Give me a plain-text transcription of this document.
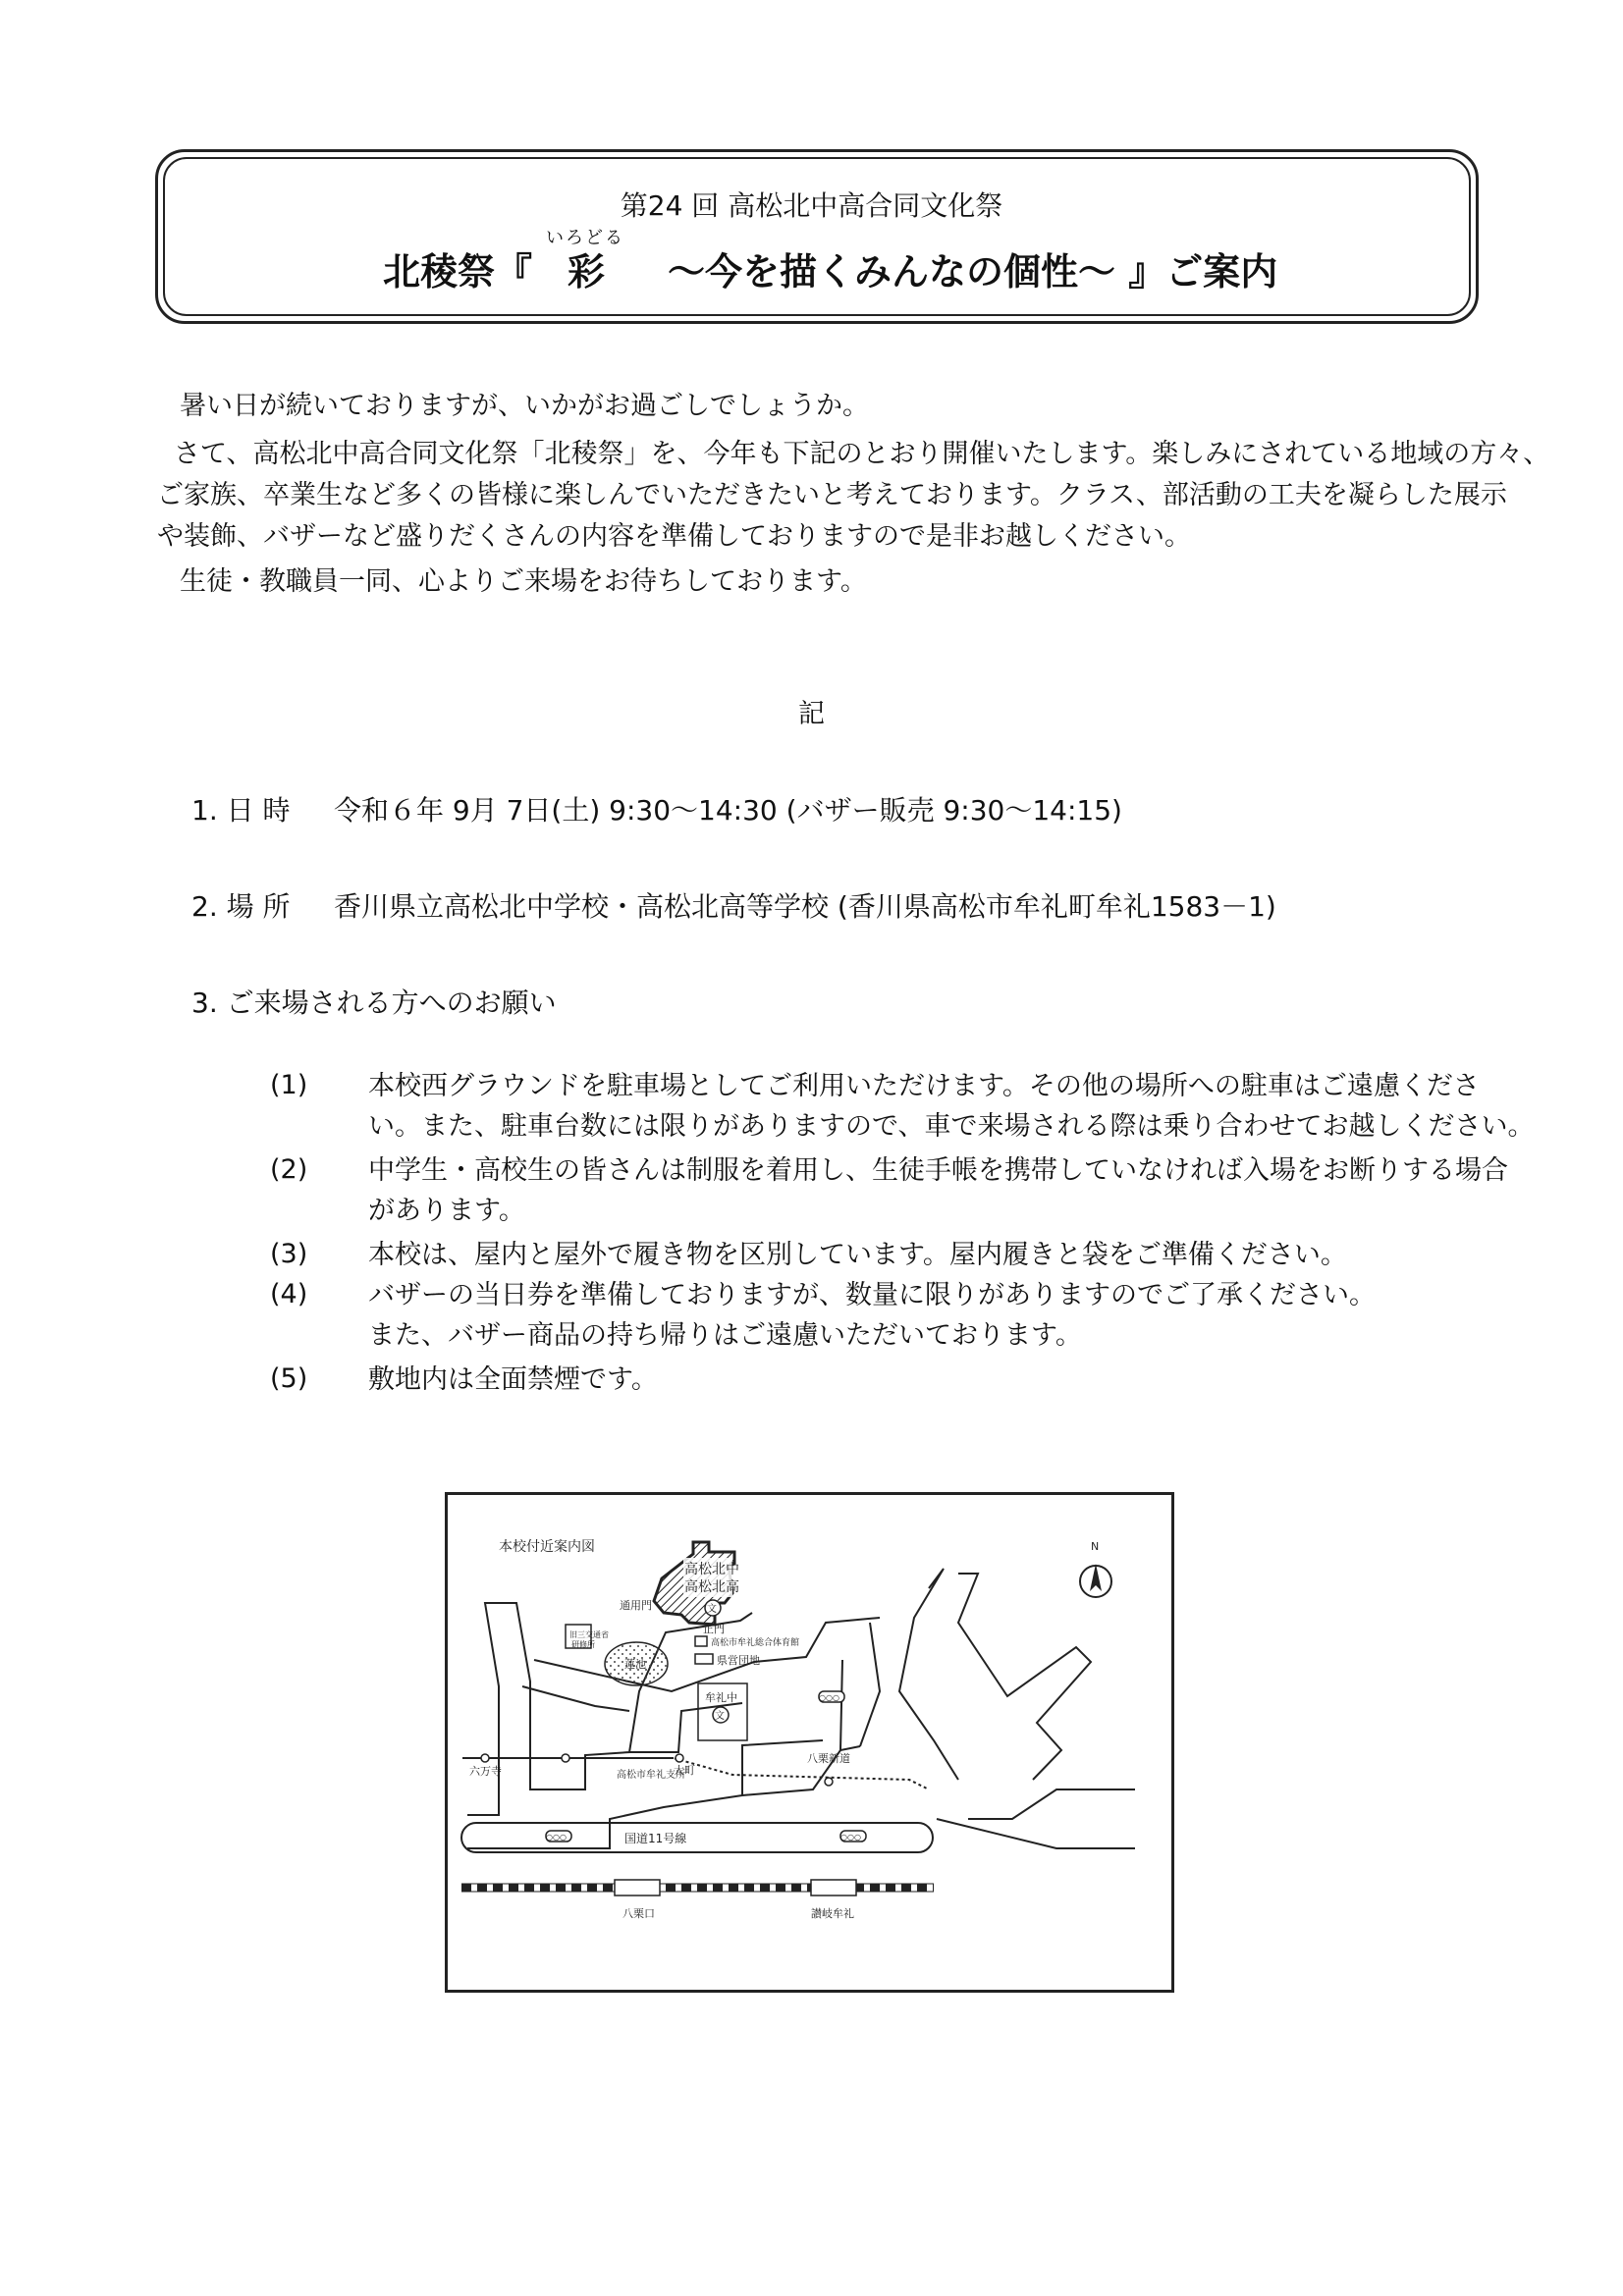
第24 回 高松北中高合同文化祭
いろどる
北稜祭『 彩 ～今を描くみんなの個性～ 』ご案内
暑い日が続いておりますが、いかがお過ごしでしょうか。
さて、高松北中高合同文化祭「北稜祭」を、今年も下記のとおり開催いたします。楽しみにされている地域の方々、
ご家族、卒業生など多くの皆様に楽しんでいただきたいと考えております。クラス、部活動の工夫を凝らした展示
や装飾、バザーなど盛りだくさんの内容を準備しておりますので是非お越しください。
生徒・教職員一同、心よりご来場をお待ちしております。
記
1. 日 時 令和６年 9月 7日(土) 9:30～14:30 (バザー販売 9:30～14:15)
2. 場 所 香川県立高松北中学校・高松北高等学校 (香川県高松市牟礼町牟礼1583－1)
3. ご来場される方へのお願い
(1) 本校西グラウンドを駐車場としてご利用いただけます。その他の場所への駐車はご遠慮くださ
い。また、駐車台数には限りがありますので、車で来場される際は乗り合わせてお越しください。
(2) 中学生・高校生の皆さんは制服を着用し、生徒手帳を携帯していなければ入場をお断りする場合
があります。
(3) 本校は、屋内と屋外で履き物を区別しています。屋内履きと袋をご準備ください。
(4) バザーの当日券を準備しておりますが、数量に限りがありますのでご了承ください。
また、バザー商品の持ち帰りはご遠慮いただいております。
(5) 敷地内は全面禁煙です。
本校付近案内図	N
高松北中
高松北高
文
通用門
正門
旧三交通省
研修所	高松市牟礼総合体育館
県営団地
牟礼中
文
蓮池
○○○
○○○	○○○
六万寺	高松市牟礼支所
大町
八栗新道
国道11号線
八栗口	讃岐牟礼
